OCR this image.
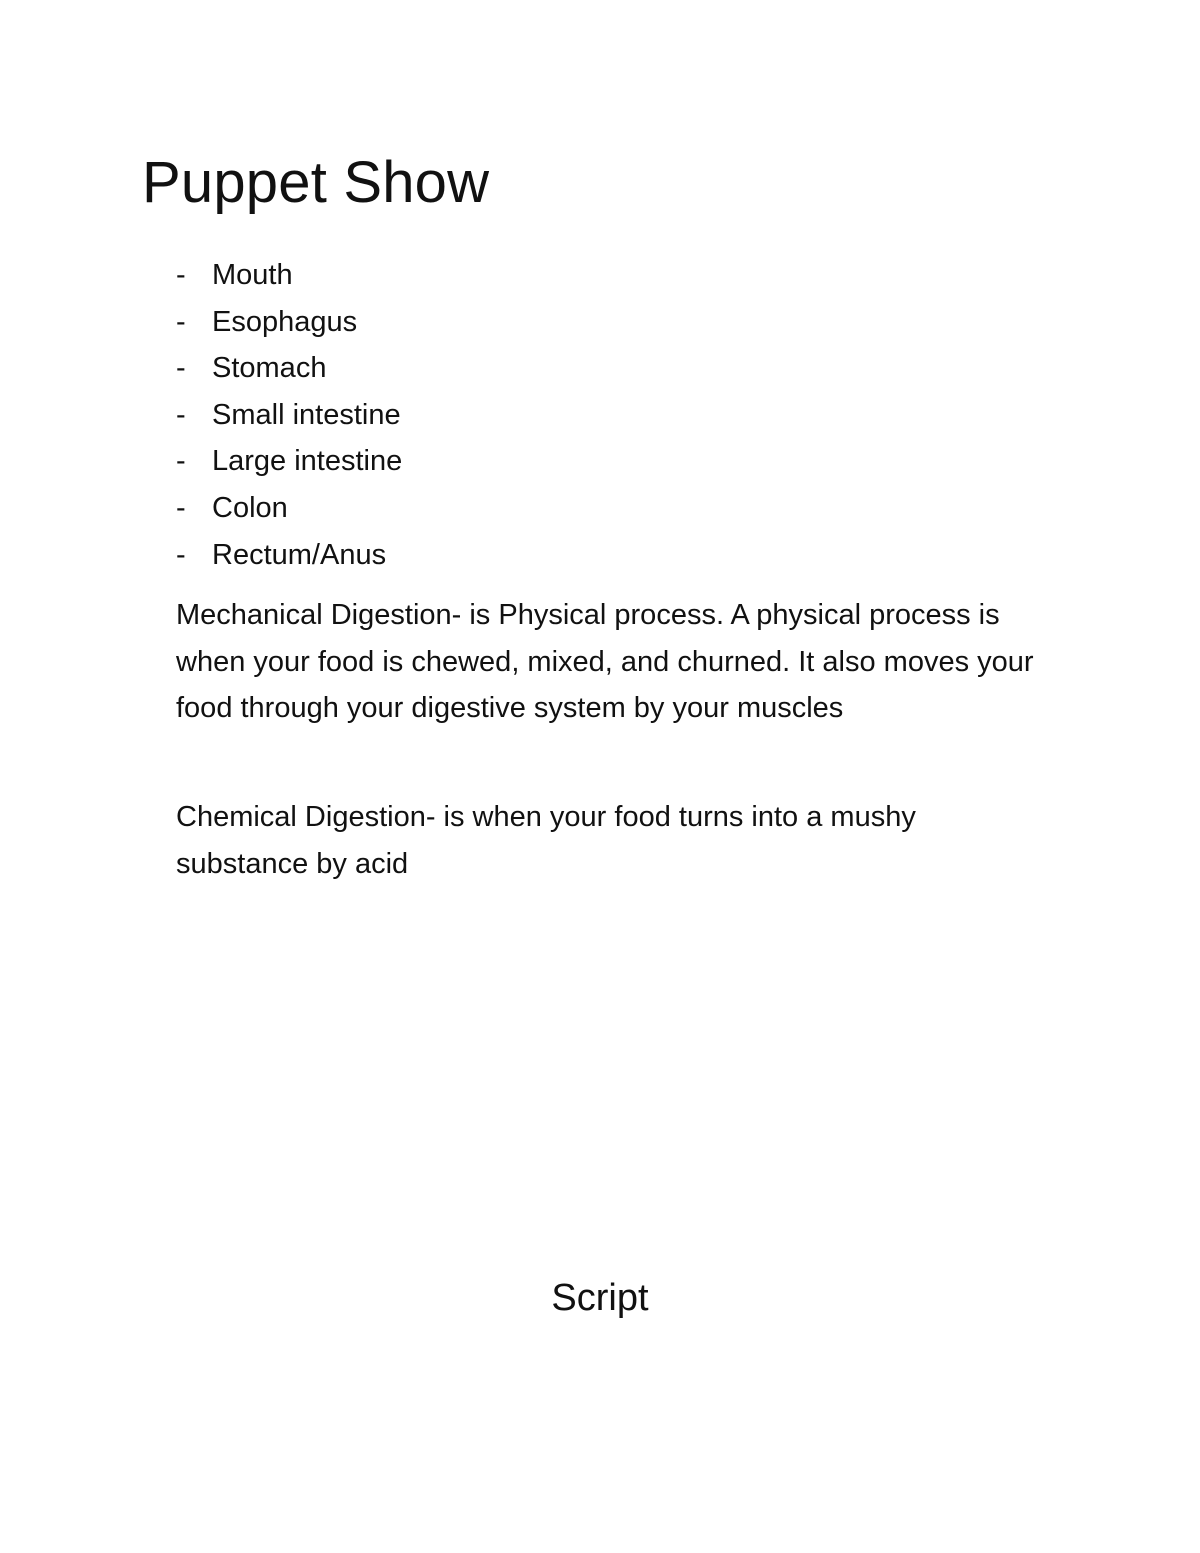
Puppet Show
- Mouth
- Esophagus
- Stomach
- Small intestine
- Large intestine
- Colon
- Rectum/Anus

Mechanical Digestion- is Physical process. A physical process is when your food is chewed, mixed, and churned. It also moves your food through your digestive system by your muscles

Chemical Digestion- is when your food turns into a mushy substance by acid

Script
